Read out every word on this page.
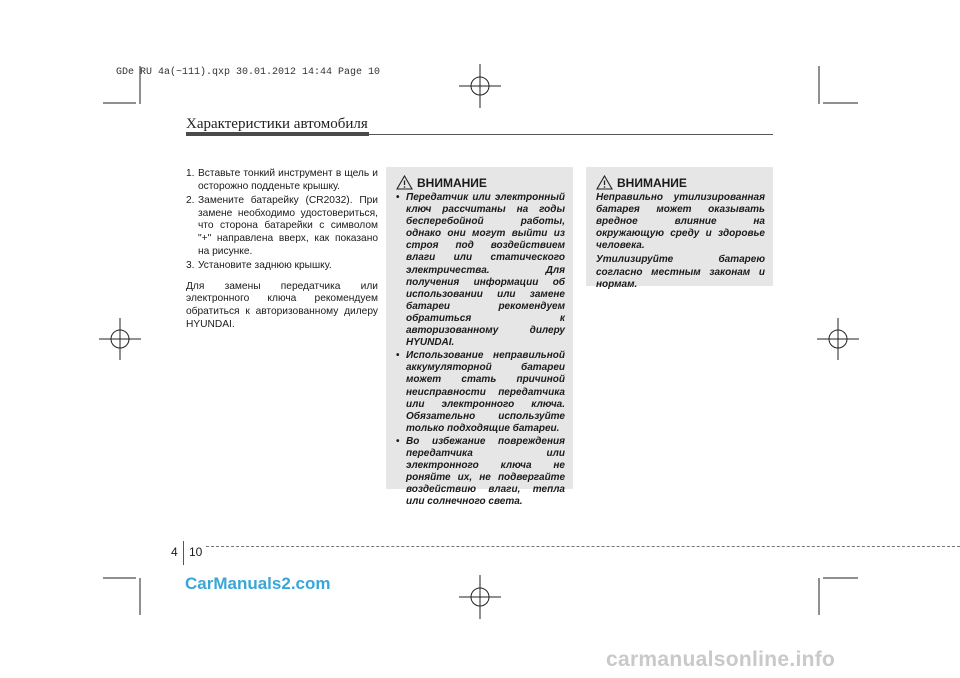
GDe RU 4a(~111).qxp 30.01.2012 14:44 Page 10
Характеристики автомобиля
1. Вставьте тонкий инструмент в щель и осторожно подденьте крышку.
2. Замените батарейку (CR2032). При замене необходимо удостовериться, что сторона батарейки с символом "+" направлена вверх, как показано на рисунке.
3. Установите заднюю крышку.
Для замены передатчика или электронного ключа рекомендуем обратиться к авторизованному дилеру HYUNDAI.
ВНИМАНИЕ
• Передатчик или электронный ключ рассчитаны на годы бесперебойной работы, однако они могут выйти из строя под воздействием влаги или статического электричества. Для получения информации об использовании или замене батареи рекомендуем обратиться к авторизованному дилеру HYUNDAI.
• Использование неправильной аккумуляторной батареи может стать причиной неисправности передатчика или электронного ключа. Обязательно используйте только подходящие батареи.
• Во избежание повреждения передатчика или электронного ключа не роняйте их, не подвергайте воздействию влаги, тепла или солнечного света.
ВНИМАНИЕ

Неправильно утилизированная батарея может оказывать вредное влияние на окружающую среду и здоровье человека.

Утилизируйте батарею согласно местным законам и нормам.

4 10
CarManuals2.com
carmanualsonline.info
